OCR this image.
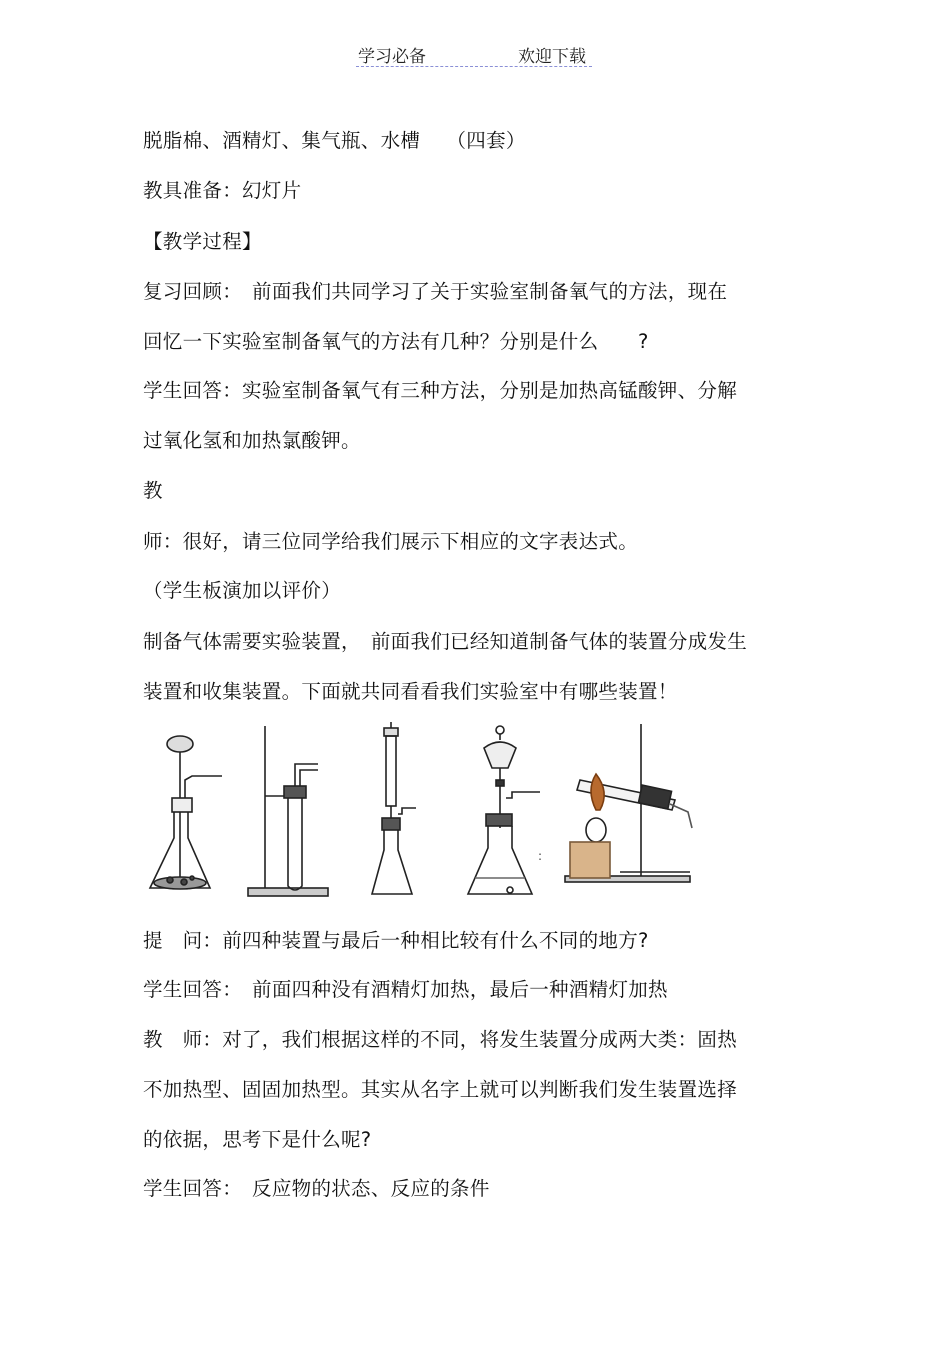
学习必备	欢迎下载
脱脂棉、酒精灯、集气瓶、水槽　 （四套）
教具准备：幻灯片
【教学过程】
复习回顾：　前面我们共同学习了关于实验室制备氧气的方法，现在
回忆一下实验室制备氧气的方法有几种？分别是什么　　?
学生回答：实验室制备氧气有三种方法，分别是加热高锰酸钾、分解
过氧化氢和加热氯酸钾。
教
师：很好，请三位同学给我们展示下相应的文字表达式。
（学生板演加以评价）
制备气体需要实验装置，　前面我们已经知道制备气体的装置分成发生
装置和收集装置。下面就共同看看我们实验室中有哪些装置！
:
提　问：前四种装置与最后一种相比较有什么不同的地方?
学生回答：　前面四种没有酒精灯加热，最后一种酒精灯加热
教　师：对了，我们根据这样的不同，将发生装置分成两大类：固热
不加热型、固固加热型。其实从名字上就可以判断我们发生装置选择
的依据，思考下是什么呢?
学生回答：　反应物的状态、反应的条件
